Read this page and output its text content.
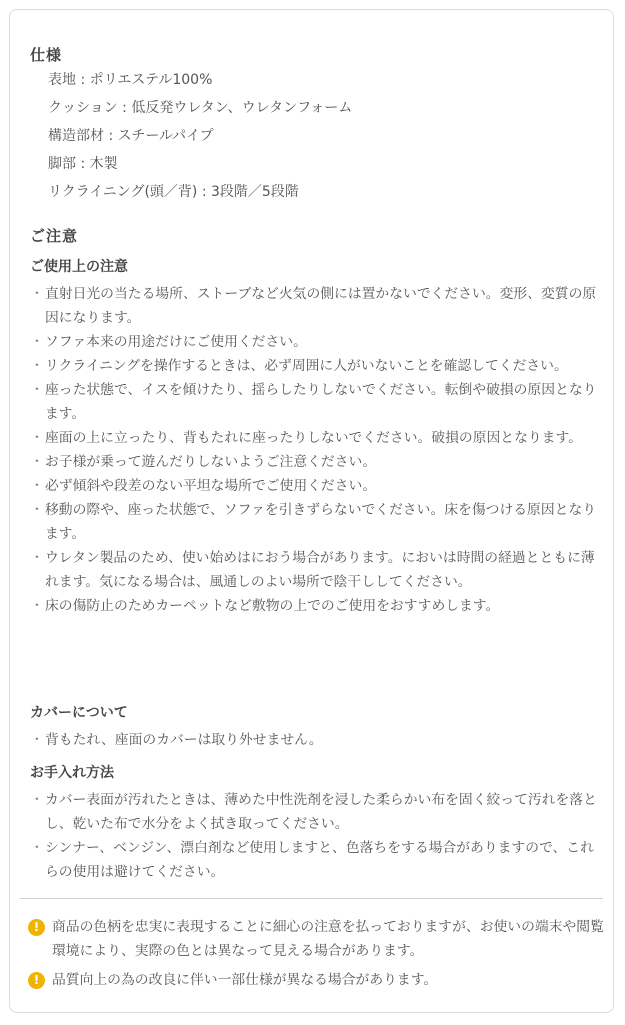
仕様
表地 : ポリエステル100%
クッション : 低反発ウレタン、ウレタンフォーム
構造部材 : スチールパイプ
脚部 : 木製
リクライニング(頭／背) : 3段階／5段階
ご注意
ご使用上の注意
・ 直射日光の当たる場所、ストーブなど火気の側には置かないでください。変形、変質の原因になります。
・ ソファ本来の用途だけにご使用ください。
・ リクライニングを操作するときは、必ず周囲に人がいないことを確認してください。
・ 座った状態で、イスを傾けたり、揺らしたりしないでください。転倒や破損の原因となります。
・ 座面の上に立ったり、背もたれに座ったりしないでください。破損の原因となります。
・ お子様が乗って遊んだりしないようご注意ください。
・ 必ず傾斜や段差のない平坦な場所でご使用ください。
・ 移動の際や、座った状態で、ソファを引きずらないでください。床を傷つける原因となります。
・ ウレタン製品のため、使い始めはにおう場合があります。においは時間の経過とともに薄れます。気になる場合は、風通しのよい場所で陰干ししてください。
・ 床の傷防止のためカーペットなど敷物の上でのご使用をおすすめします。
カバーについて
・ 背もたれ、座面のカバーは取り外せません。
お手入れ方法
・ カバー表面が汚れたときは、薄めた中性洗剤を浸した柔らかい布を固く絞って汚れを落とし、乾いた布で水分をよく拭き取ってください。
・ シンナー、ベンジン、漂白剤など使用しますと、色落ちをする場合がありますので、これらの使用は避けてください。
! 商品の色柄を忠実に表現することに細心の注意を払っておりますが、お使いの端末や閲覧環境により、実際の色とは異なって見える場合があります。
! 品質向上の為の改良に伴い一部仕様が異なる場合があります。
